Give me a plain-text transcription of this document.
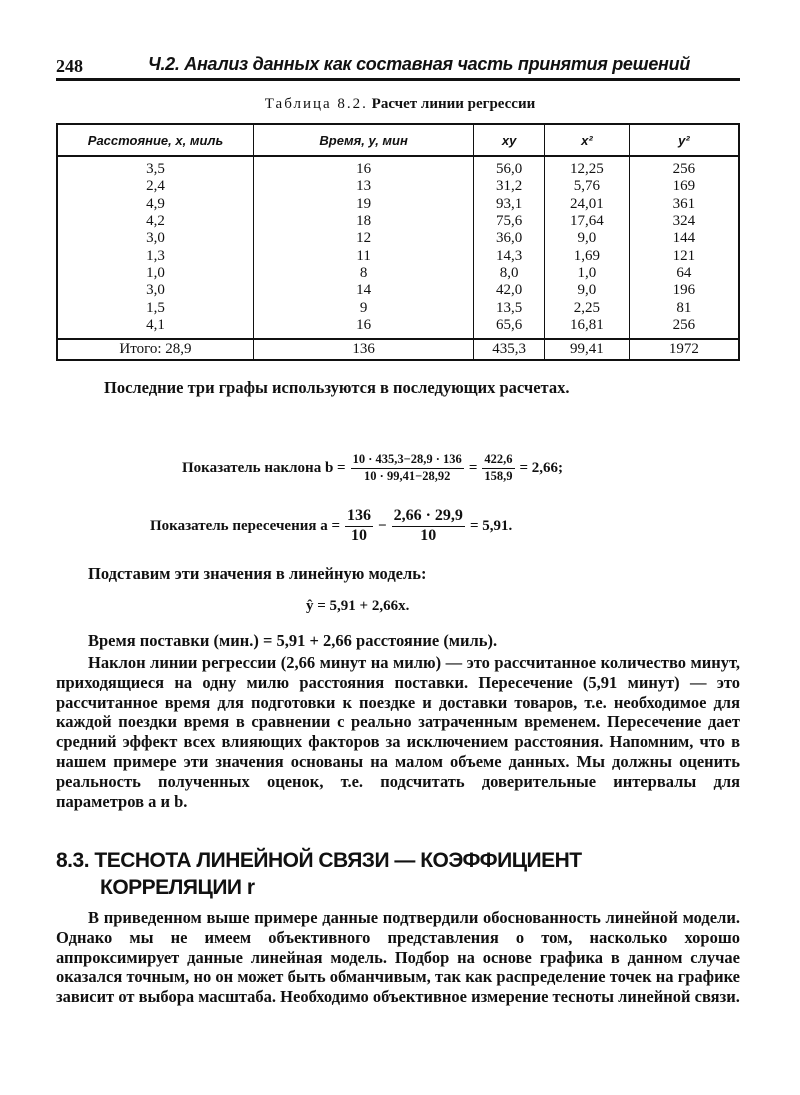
248	Ч.2. Анализ данных как составная часть принятия решений
Таблица 8.2. Расчет линии регрессии
Расстояние, x, миль	Время, y, мин	xy	x²	y²
3,5	16	56,0	12,25	256
2,4	13	31,2	5,76	169
4,9	19	93,1	24,01	361
4,2	18	75,6	17,64	324
3,0	12	36,0	9,0	144
1,3	11	14,3	1,69	121
1,0	8	8,0	1,0	64
3,0	14	42,0	9,0	196
1,5	9	13,5	2,25	81
4,1	16	65,6	16,81	256
Итого: 28,9	136	435,3	99,41	1972
Последние три графы используются в последующих расчетах.
Показатель наклона $b = \frac{10 \cdot 435,3-28,9 \cdot 136}{10 \cdot 99,41-28,92} = \frac{422,6}{158,9} = 2,66$;
Показатель пересечения $a = \frac{136}{10} - \frac{2,66 \cdot 29,9}{10} = 5,91$.
Подставим эти значения в линейную модель:
ŷ = 5,91 + 2,66x.
Время поставки (мин.) = 5,91 + 2,66 расстояние (миль).
Наклон линии регрессии (2,66 минут на милю) — это рассчитанное количество минут, приходящиеся на одну милю расстояния поставки. Пересечение (5,91 минут) — это рассчитанное время для подготовки к поездке и доставки товаров, т.е. необходимое для каждой поездки время в сравнении с реально затраченным временем. Пересечение дает средний эффект всех влияющих факторов за исключением расстояния. Напомним, что в нашем примере эти значения основаны на малом объеме данных. Мы должны оценить реальность полученных оценок, т.е. подсчитать доверительные интервалы для параметров a и b.
8.3. ТЕСНОТА ЛИНЕЙНОЙ СВЯЗИ — КОЭФФИЦИЕНТ
КОРРЕЛЯЦИИ r
В приведенном выше примере данные подтвердили обоснованность линейной модели. Однако мы не имеем объективного представления о том, насколько хорошо аппроксимирует данные линейная модель. Подбор на основе графика в данном случае оказался точным, но он может быть обманчивым, так как распределение точек на графике зависит от выбора масштаба. Необходимо объективное измерение тесноты линейной связи.
